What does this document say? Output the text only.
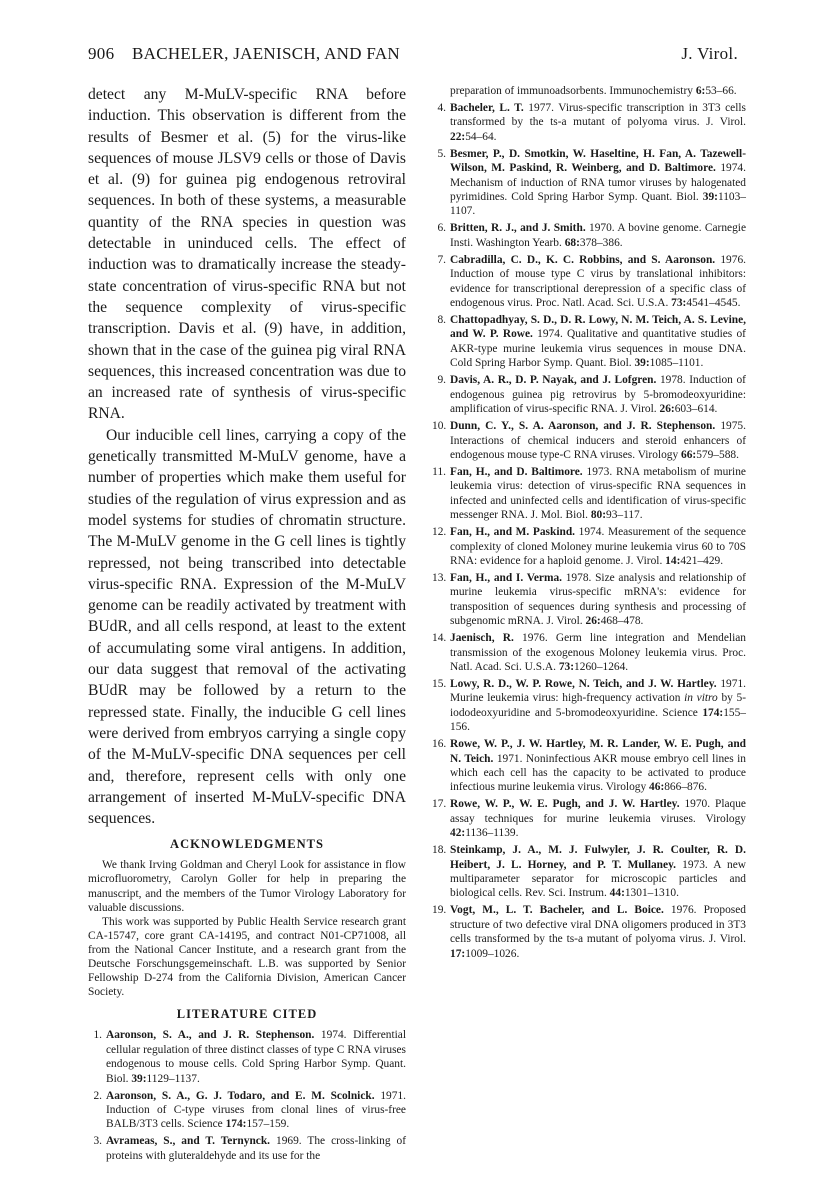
906 BACHELER, JAENISCH, AND FAN	J. Virol.

detect any M-MuLV-specific RNA before induction. This observation is different from the results of Besmer et al. (5) for the virus-like sequences of mouse JLSV9 cells or those of Davis et al. (9) for guinea pig endogenous retroviral sequences. In both of these systems, a measurable quantity of the RNA species in question was detectable in uninduced cells. The effect of induction was to dramatically increase the steady-state concentration of virus-specific RNA but not the sequence complexity of virus-specific transcription. Davis et al. (9) have, in addition, shown that in the case of the guinea pig viral RNA sequences, this increased concentration was due to an increased rate of synthesis of virus-specific RNA.

Our inducible cell lines, carrying a copy of the genetically transmitted M-MuLV genome, have a number of properties which make them useful for studies of the regulation of virus expression and as model systems for studies of chromatin structure. The M-MuLV genome in the G cell lines is tightly repressed, not being transcribed into detectable virus-specific RNA. Expression of the M-MuLV genome can be readily activated by treatment with BUdR, and all cells respond, at least to the extent of accumulating some viral antigens. In addition, our data suggest that removal of the activating BUdR may be followed by a return to the repressed state. Finally, the inducible G cell lines were derived from embryos carrying a single copy of the M-MuLV-specific DNA sequences per cell and, therefore, represent cells with only one arrangement of inserted M-MuLV-specific DNA sequences.

ACKNOWLEDGMENTS

We thank Irving Goldman and Cheryl Look for assistance in flow microfluorometry, Carolyn Goller for help in preparing the manuscript, and the members of the Tumor Virology Laboratory for valuable discussions.

This work was supported by Public Health Service research grant CA-15747, core grant CA-14195, and contract N01-CP71008, all from the National Cancer Institute, and a research grant from the Deutsche Forschungsgemeinschaft. L.B. was supported by Senior Fellowship D-274 from the California Division, American Cancer Society.

LITERATURE CITED
1. Aaronson, S. A., and J. R. Stephenson. 1974. Differential cellular regulation of three distinct classes of type C RNA viruses endogenous to mouse cells. Cold Spring Harbor Symp. Quant. Biol. 39:1129–1137.
2. Aaronson, S. A., G. J. Todaro, and E. M. Scolnick. 1971. Induction of C-type viruses from clonal lines of virus-free BALB/3T3 cells. Science 174:157–159.
3. Avrameas, S., and T. Ternynck. 1969. The cross-linking of proteins with gluteraldehyde and its use for the
preparation of immunoadsorbents. Immunochemistry 6:53–66.
4. Bacheler, L. T. 1977. Virus-specific transcription in 3T3 cells transformed by the ts-a mutant of polyoma virus. J. Virol. 22:54–64.
5. Besmer, P., D. Smotkin, W. Haseltine, H. Fan, A. Tazewell-Wilson, M. Paskind, R. Weinberg, and D. Baltimore. 1974. Mechanism of induction of RNA tumor viruses by halogenated pyrimidines. Cold Spring Harbor Symp. Quant. Biol. 39:1103–1107.
6. Britten, R. J., and J. Smith. 1970. A bovine genome. Carnegie Insti. Washington Yearb. 68:378–386.
7. Cabradilla, C. D., K. C. Robbins, and S. Aaronson. 1976. Induction of mouse type C virus by translational inhibitors: evidence for transcriptional derepression of a specific class of endogenous virus. Proc. Natl. Acad. Sci. U.S.A. 73:4541–4545.
8. Chattopadhyay, S. D., D. R. Lowy, N. M. Teich, A. S. Levine, and W. P. Rowe. 1974. Qualitative and quantitative studies of AKR-type murine leukemia virus sequences in mouse DNA. Cold Spring Harbor Symp. Quant. Biol. 39:1085–1101.
9. Davis, A. R., D. P. Nayak, and J. Lofgren. 1978. Induction of endogenous guinea pig retrovirus by 5-bromodeoxyuridine: amplification of virus-specific RNA. J. Virol. 26:603–614.
10. Dunn, C. Y., S. A. Aaronson, and J. R. Stephenson. 1975. Interactions of chemical inducers and steroid enhancers of endogenous mouse type-C RNA viruses. Virology 66:579–588.
11. Fan, H., and D. Baltimore. 1973. RNA metabolism of murine leukemia virus: detection of virus-specific RNA sequences in infected and uninfected cells and identification of virus-specific messenger RNA. J. Mol. Biol. 80:93–117.
12. Fan, H., and M. Paskind. 1974. Measurement of the sequence complexity of cloned Moloney murine leukemia virus 60 to 70S RNA: evidence for a haploid genome. J. Virol. 14:421–429.
13. Fan, H., and I. Verma. 1978. Size analysis and relationship of murine leukemia virus-specific mRNA's: evidence for transposition of sequences during synthesis and processing of subgenomic mRNA. J. Virol. 26:468–478.
14. Jaenisch, R. 1976. Germ line integration and Mendelian transmission of the exogenous Moloney leukemia virus. Proc. Natl. Acad. Sci. U.S.A. 73:1260–1264.
15. Lowy, R. D., W. P. Rowe, N. Teich, and J. W. Hartley. 1971. Murine leukemia virus: high-frequency activation in vitro by 5-iododeoxyuridine and 5-bromodeoxyuridine. Science 174:155–156.
16. Rowe, W. P., J. W. Hartley, M. R. Lander, W. E. Pugh, and N. Teich. 1971. Noninfectious AKR mouse embryo cell lines in which each cell has the capacity to be activated to produce infectious murine leukemia virus. Virology 46:866–876.
17. Rowe, W. P., W. E. Pugh, and J. W. Hartley. 1970. Plaque assay techniques for murine leukemia viruses. Virology 42:1136–1139.
18. Steinkamp, J. A., M. J. Fulwyler, J. R. Coulter, R. D. Heibert, J. L. Horney, and P. T. Mullaney. 1973. A new multiparameter separator for microscopic particles and biological cells. Rev. Sci. Instrum. 44:1301–1310.
19. Vogt, M., L. T. Bacheler, and L. Boice. 1976. Proposed structure of two defective viral DNA oligomers produced in 3T3 cells transformed by the ts-a mutant of polyoma virus. J. Virol. 17:1009–1026.
